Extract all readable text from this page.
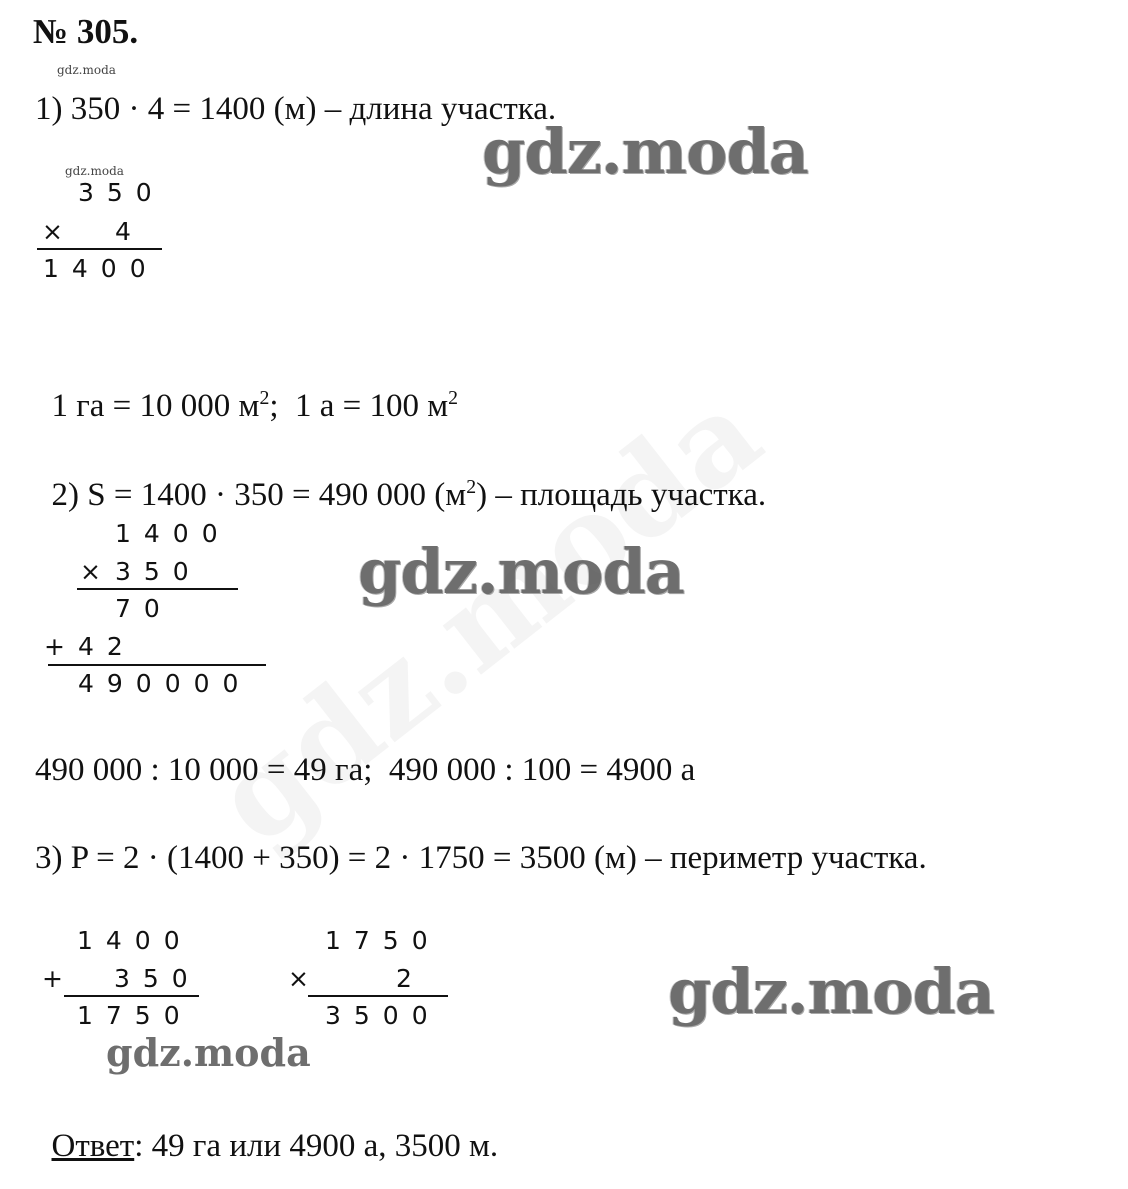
№ 305.
gdz.moda
1) 350 · 4 = 1400 (м) – длина участка.
gdz.moda
gdz.moda
350
× 4
1400

1 га = 10 000 $м^2$;  1 а = 100 $м^2$

2) S = 1400 · 350 = 490 000 $(м^2)$ – площадь участка.

1400
× 350
70
+ 42
490000
gdz.moda
490 000 : 10 000 = 49 га;  490 000 : 100 = 4900 а
3) P = 2 · (1400 + 350) = 2 · 1750 = 3500 (м) – периметр участка.
1400
+ 350
1750
1750
×	2
3500	gdz.moda
gdz.moda

Ответ: 49 га или 4900 а, 3500 м.
